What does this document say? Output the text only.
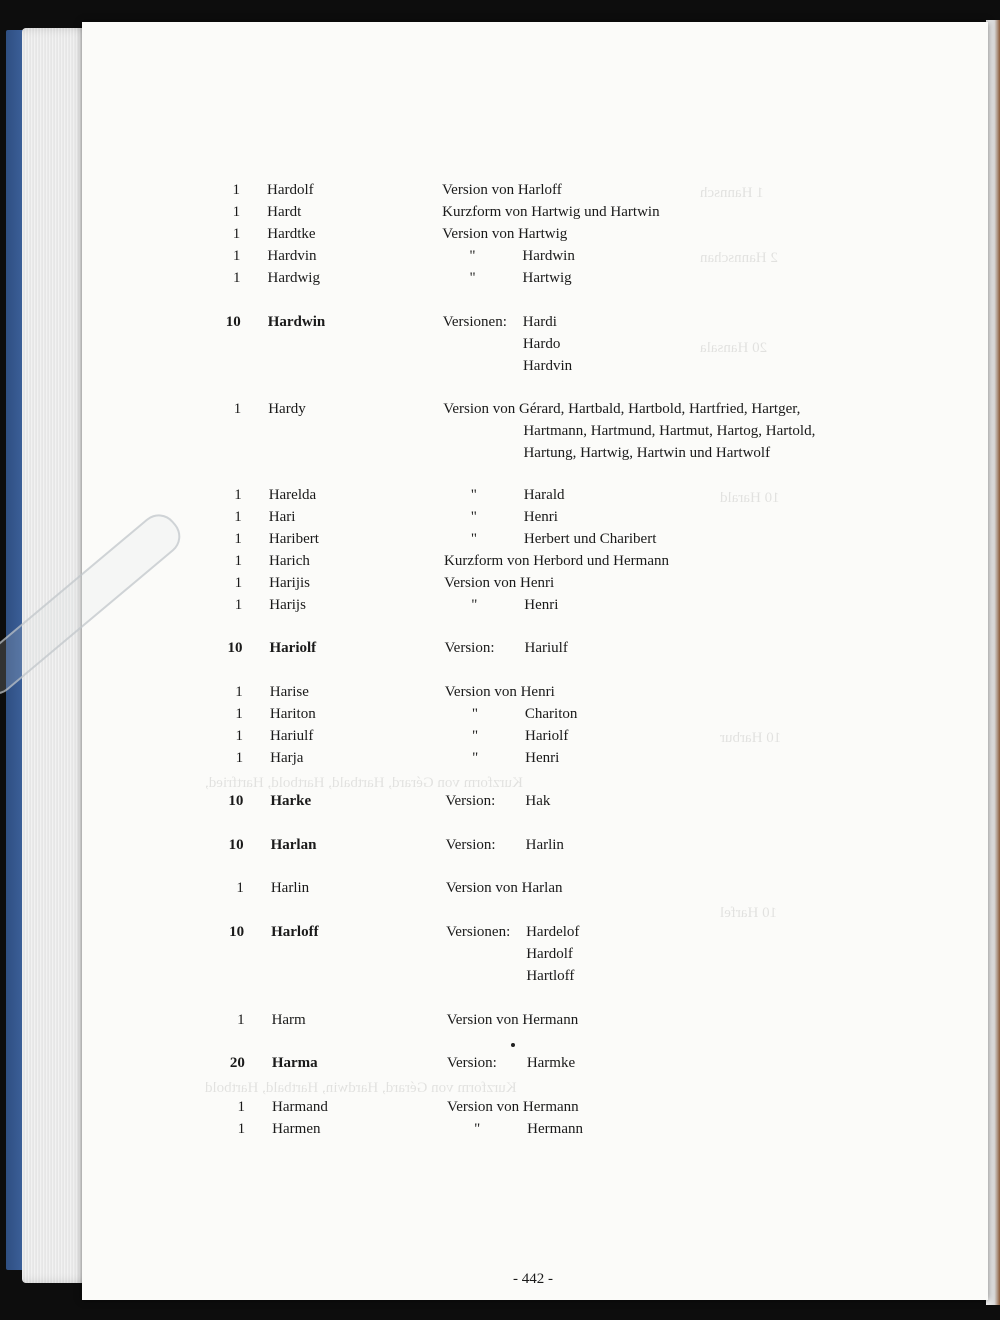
1 Hannsch
2 Hannschan
20 Hansala
10 Harald
10 Harbur
Kurzform von Gérard, Hartbald, Hartbold, Hartfried,
10 Harfel
Kurzform von Gérard, Hardwin, Hartbald, Hartbold
1 Hardolf	Version von Harloff
1 Hardt	Kurzform von Hartwig und Hartwin
1 Hardtke	Version von Hartwig
1 Hardvin	"	Hardwin
1 Hardwig	"	Hartwig
10 Hardwin	Versionen: Hardi
Hardo
Hardvin
1 Hardy	Version von Gérard, Hartbald, Hartbold, Hartfried, Hartger,
Hartmann, Hartmund, Hartmut, Hartog, Hartold,
Hartung, Hartwig, Hartwin und Hartwolf
1 Harelda	"	Harald
1 Hari	"	Henri
1 Haribert	"	Herbert und Charibert
1 Harich	Kurzform von Herbord und Hermann
1 Harijis	Version von Henri
1 Harijs	"	Henri
10 Hariolf	Version: Hariulf
1 Harise	Version von Henri
1 Hariton	"	Chariton
1 Hariulf	"	Hariolf
1 Harja	"	Henri
10 Harke	Version: Hak
10 Harlan	Version: Harlin
1 Harlin	Version von Harlan
10 Harloff	Versionen: Hardelof
Hardolf
Hartloff
1 Harm	Version von Hermann
20 Harma	Version: Harmke
1 Harmand	Version von Hermann
1 Harmen	"	Hermann
- 442 -
